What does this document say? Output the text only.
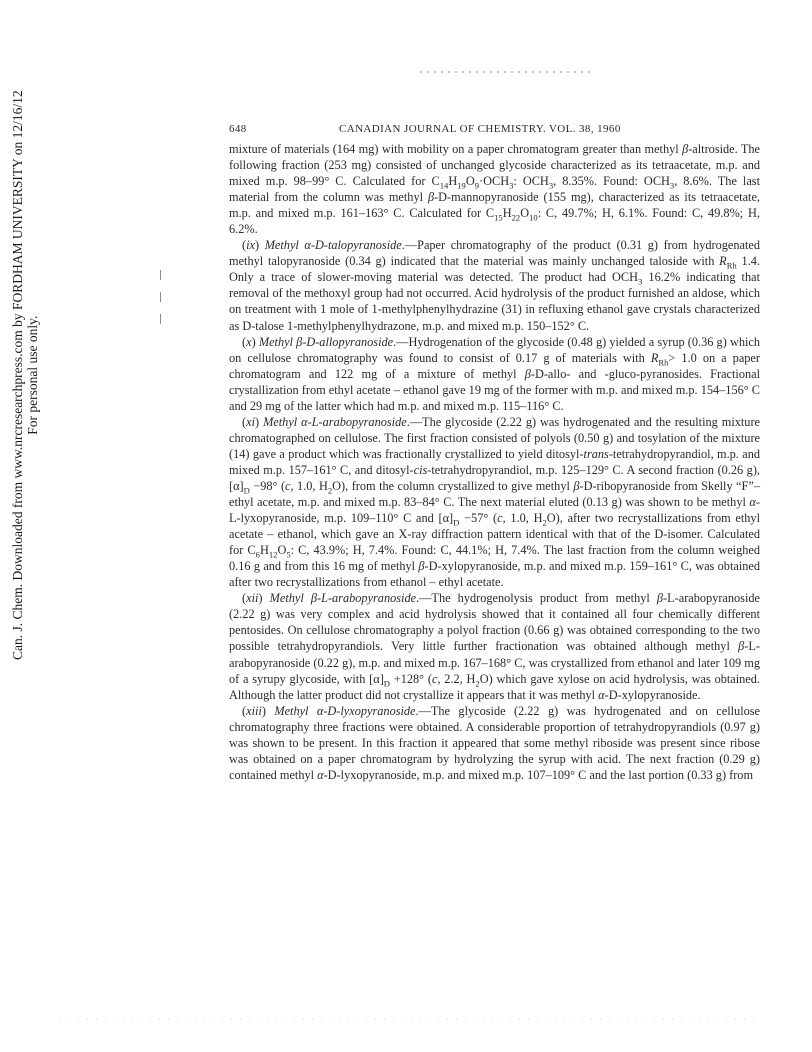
Can. J. Chem. Downloaded from www.nrcresearchpress.com by FORDHAM UNIVERSITY on 12/16/12 For personal use only.
648	CANADIAN JOURNAL OF CHEMISTRY. VOL. 38, 1960

mixture of materials (164 mg) with mobility on a paper chromatogram greater than methyl β-altroside. The following fraction (253 mg) consisted of unchanged glycoside characterized as its tetraacetate, m.p. and mixed m.p. 98–99° C. Calculated for $C_{14}H_{19}O_9\cdot OCH_3$: $OCH_3$, 8.35%. Found: $OCH_3$, 8.6%. The last material from the column was methyl β-D-mannopyranoside (155 mg), characterized as its tetraacetate, m.p. and mixed m.p. 161–163° C. Calculated for $C_{15}H_{22}O_{10}$: C, 49.7%; H, 6.1%. Found: C, 49.8%; H, 6.2%.

(ix) Methyl α-D-talopyranoside.—Paper chromatography of the product (0.31 g) from hydrogenated methyl talopyranoside (0.34 g) indicated that the material was mainly unchanged taloside with $R_{Rh}$ 1.4. Only a trace of slower-moving material was detected. The product had $OCH_3$ 16.2% indicating that removal of the methoxyl group had not occurred. Acid hydrolysis of the product furnished an aldose, which on treatment with 1 mole of 1-methylphenylhydrazine (31) in refluxing ethanol gave crystals characterized as D-talose 1-methylphenylhydrazone, m.p. and mixed m.p. 150–152° C.

(x) Methyl β-D-allopyranoside.—Hydrogenation of the glycoside (0.48 g) yielded a syrup (0.36 g) which on cellulose chromatography was found to consist of 0.17 g of materials with $R_{Rh}> 1.0$ on a paper chromatogram and 122 mg of a mixture of methyl β-D-allo- and -gluco-pyranosides. Fractional crystallization from ethyl acetate – ethanol gave 19 mg of the former with m.p. and mixed m.p. 154–156° C and 29 mg of the latter which had m.p. and mixed m.p. 115–116° C.

(xi) Methyl α-L-arabopyranoside.—The glycoside (2.22 g) was hydrogenated and the resulting mixture chromatographed on cellulose. The first fraction consisted of polyols (0.50 g) and tosylation of the mixture (14) gave a product which was fractionally crystallized to yield ditosyl-trans-tetrahydropyrandiol, m.p. and mixed m.p. 157–161° C, and ditosyl-cis-tetrahydropyrandiol, m.p. 125–129° C. A second fraction (0.26 g), $[\alpha]_D -98^\circ$ (c, 1.0, $H_2O$), from the column crystallized to give methyl β-D-ribopyranoside from Skelly “F”–ethyl acetate, m.p. and mixed m.p. 83–84° C. The next material eluted (0.13 g) was shown to be methyl α-L-lyxopyranoside, m.p. 109–110° C and $[\alpha]_D -57^\circ$ (c, 1.0, $H_2O$), after two recrystallizations from ethyl acetate – ethanol, which gave an X-ray diffraction pattern identical with that of the D-isomer. Calculated for $C_6H_{12}O_5$: C, 43.9%; H, 7.4%. Found: C, 44.1%; H, 7.4%. The last fraction from the column weighed 0.16 g and from this 16 mg of methyl β-D-xylopyranoside, m.p. and mixed m.p. 159–161° C, was obtained after two recrystallizations from ethanol – ethyl acetate.

(xii) Methyl β-L-arabopyranoside.—The hydrogenolysis product from methyl β-L-arabopyranoside (2.22 g) was very complex and acid hydrolysis showed that it contained all four chemically different pentosides. On cellulose chromatography a polyol fraction (0.66 g) was obtained corresponding to the two possible tetrahydropyrandiols. Very little further fractionation was obtained although methyl β-L-arabopyranoside (0.22 g), m.p. and mixed m.p. 167–168° C, was crystallized from ethanol and later 109 mg of a syrupy glycoside, with $[\alpha]_D +128^\circ$ (c, 2.2, $H_2O$) which gave xylose on acid hydrolysis, was obtained. Although the latter product did not crystallize it appears that it was methyl α-D-xylopyranoside.

(xiii) Methyl α-D-lyxopyranoside.—The glycoside (2.22 g) was hydrogenated and on cellulose chromatography three fractions were obtained. A considerable proportion of tetrahydropyrandiols (0.97 g) was shown to be present. In this fraction it appeared that some methyl riboside was present since ribose was obtained on a paper chromatogram by hydrolyzing the syrup with acid. The next fraction (0.29 g) contained methyl α-D-lyxopyranoside, m.p. and mixed m.p. 107–109° C and the last portion (0.33 g) from
